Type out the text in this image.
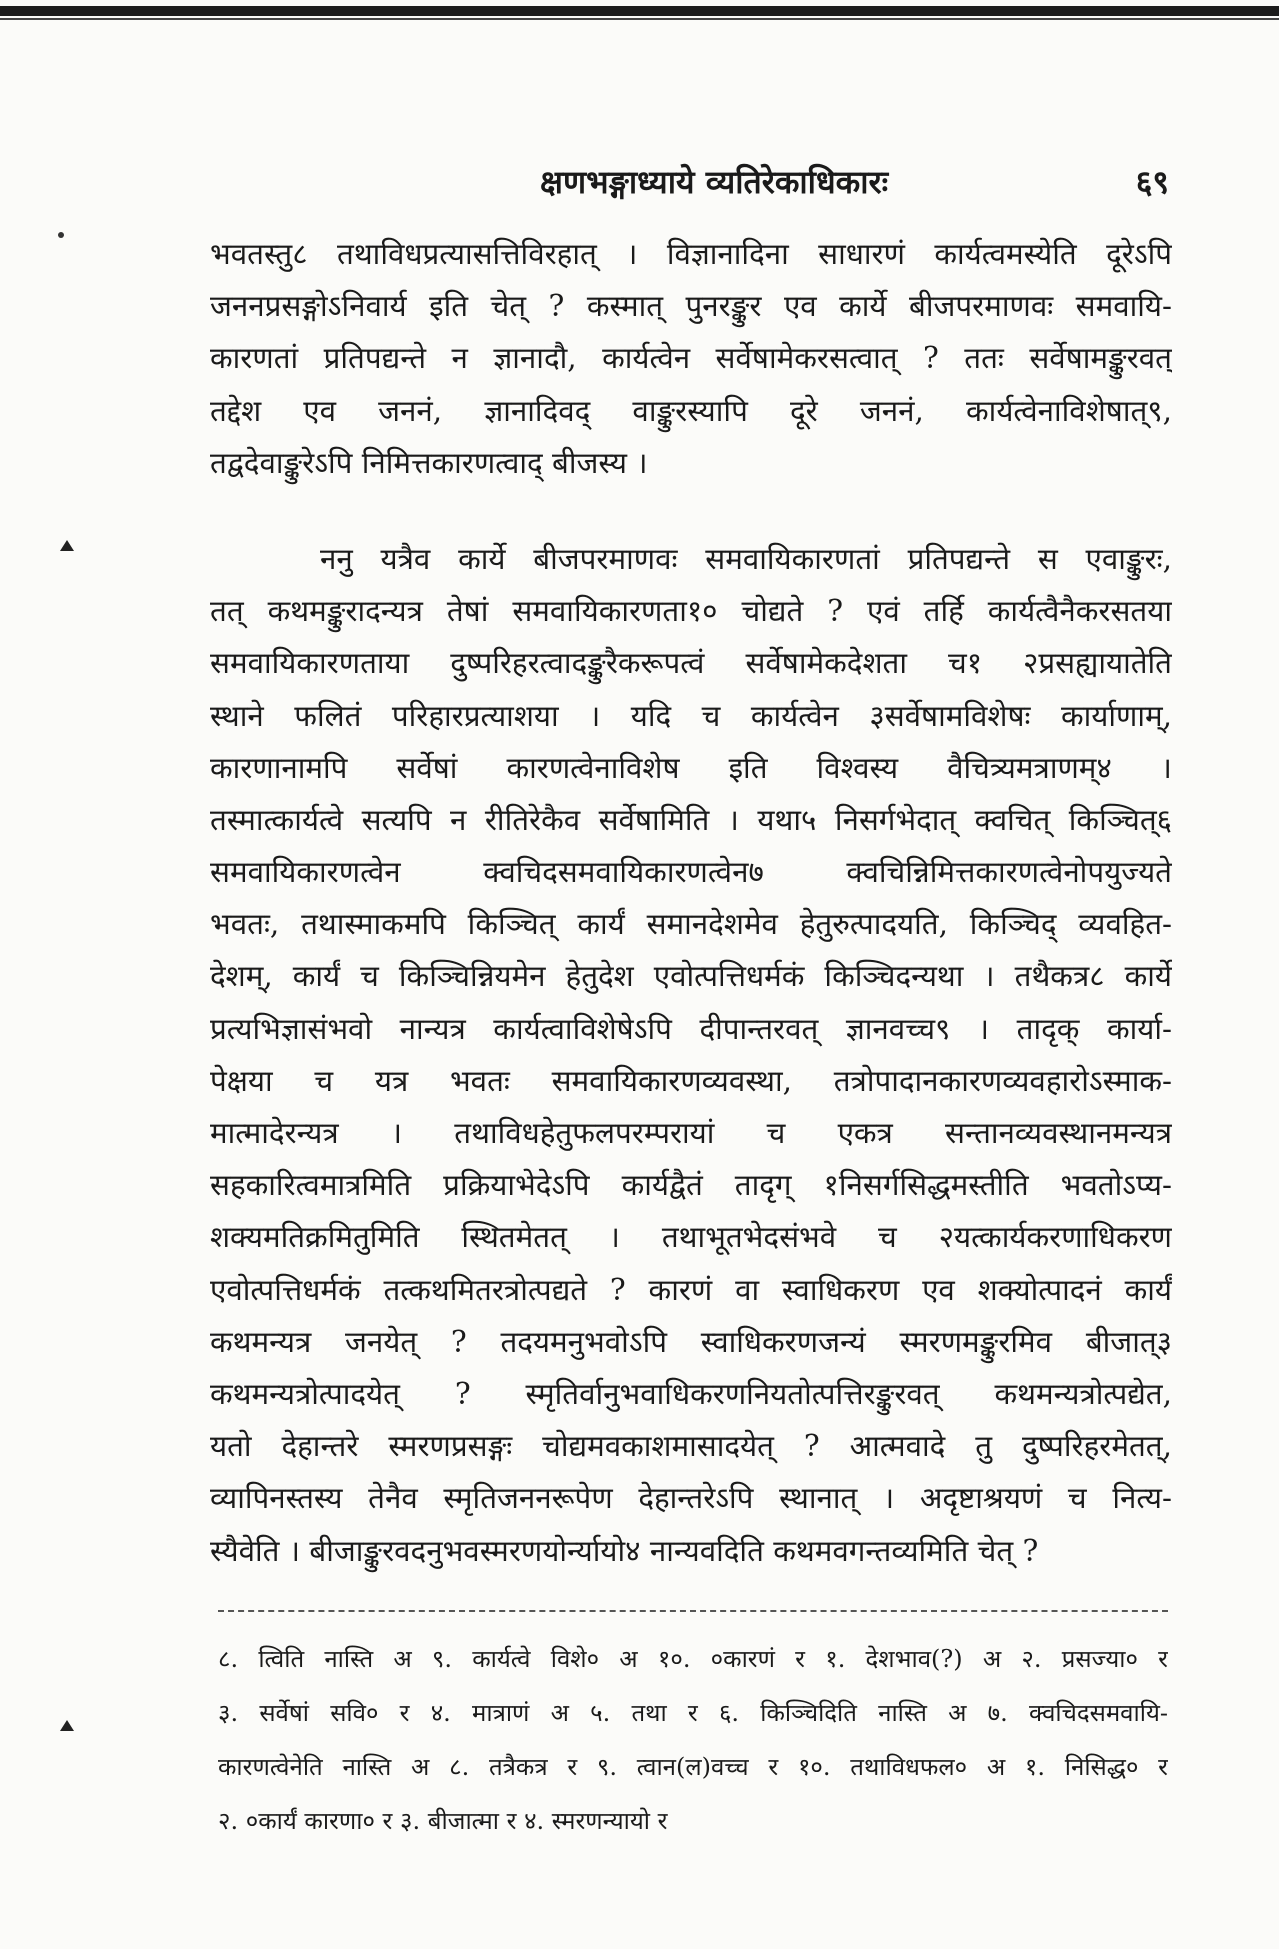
क्षणभङ्गाध्याये व्यतिरेकाधिकारः	६९
भवतस्तु८ तथाविधप्रत्यासत्तिविरहात् । विज्ञानादिना साधारणं कार्यत्वमस्येति दूरेऽपि
जननप्रसङ्गोऽनिवार्य इति चेत् ? कस्मात् पुनरङ्कुर एव कार्ये बीजपरमाणवः समवायि-
कारणतां प्रतिपद्यन्ते न ज्ञानादौ, कार्यत्वेन सर्वेषामेकरसत्वात् ? ततः सर्वेषामङ्कुरवत्
तद्देश एव जननं, ज्ञानादिवद् वाङ्कुरस्यापि दूरे जननं, कार्यत्वेनाविशेषात्९,
तद्वदेवाङ्कुरेऽपि निमित्तकारणत्वाद् बीजस्य ।
ननु यत्रैव कार्ये बीजपरमाणवः समवायिकारणतां प्रतिपद्यन्ते स एवाङ्कुरः,
तत् कथमङ्कुरादन्यत्र तेषां समवायिकारणता१० चोद्यते ? एवं तर्हि कार्यत्वैनैकरसतया
समवायिकारणताया दुष्परिहरत्वादङ्कुरैकरूपत्वं सर्वेषामेकदेशता च१ २प्रसह्यायातेति
स्थाने फलितं परिहारप्रत्याशया । यदि च कार्यत्वेन ३सर्वेषामविशेषः कार्याणाम्,
कारणानामपि सर्वेषां कारणत्वेनाविशेष इति विश्वस्य वैचित्र्यमत्राणम्४ ।
तस्मात्कार्यत्वे सत्यपि न रीतिरेकैव सर्वेषामिति । यथा५ निसर्गभेदात् क्वचित् किञ्चित्६
समवायिकारणत्वेन क्वचिदसमवायिकारणत्वेन७ क्वचिन्निमित्तकारणत्वेनोपयुज्यते
भवतः, तथास्माकमपि किञ्चित् कार्यं समानदेशमेव हेतुरुत्पादयति, किञ्चिद् व्यवहित-
देशम्, कार्यं च किञ्चिन्नियमेन हेतुदेश एवोत्पत्तिधर्मकं किञ्चिदन्यथा । तथैकत्र८ कार्ये
प्रत्यभिज्ञासंभवो नान्यत्र कार्यत्वाविशेषेऽपि दीपान्तरवत् ज्ञानवच्च९ । तादृक् कार्या-
पेक्षया च यत्र भवतः समवायिकारणव्यवस्था, तत्रोपादानकारणव्यवहारोऽस्माक-
मात्मादेरन्यत्र । तथाविधहेतुफलपरम्परायां च एकत्र सन्तानव्यवस्थानमन्यत्र
सहकारित्वमात्रमिति प्रक्रियाभेदेऽपि कार्यद्वैतं तादृग् १निसर्गसिद्धमस्तीति भवतोऽप्य-
शक्यमतिक्रमितुमिति स्थितमेतत् । तथाभूतभेदसंभवे च २यत्कार्यकरणाधिकरण
एवोत्पत्तिधर्मकं तत्कथमितरत्रोत्पद्यते ? कारणं वा स्वाधिकरण एव शक्योत्पादनं कार्यं
कथमन्यत्र जनयेत् ? तदयमनुभवोऽपि स्वाधिकरणजन्यं स्मरणमङ्कुरमिव बीजात्३
कथमन्यत्रोत्पादयेत् ? स्मृतिर्वानुभवाधिकरणनियतोत्पत्तिरङ्कुरवत् कथमन्यत्रोत्पद्येत,
यतो देहान्तरे स्मरणप्रसङ्गः चोद्यमवकाशमासादयेत् ? आत्मवादे तु दुष्परिहरमेतत्,
व्यापिनस्तस्य तेनैव स्मृतिजननरूपेण देहान्तरेऽपि स्थानात् । अदृष्टाश्रयणं च नित्य-
स्यैवेति । बीजाङ्कुरवदनुभवस्मरणयोर्न्यायो४ नान्यवदिति कथमवगन्तव्यमिति चेत् ?
८. त्विति नास्ति अ ९. कार्यत्वे विशे० अ १०. ०कारणं र १. देशभाव(?) अ २. प्रसज्या० र
३. सर्वेषां सवि० र ४. मात्राणं अ ५. तथा र ६. किञ्चिदिति नास्ति अ ७. क्वचिदसमवायि-
कारणत्वेनेति नास्ति अ ८. तत्रैकत्र र ९. त्वान(ल)वच्च र १०. तथाविधफल० अ १. निसिद्ध० र
२. ०कार्यं कारणा० र ३. बीजात्मा र ४. स्मरणन्यायो र
